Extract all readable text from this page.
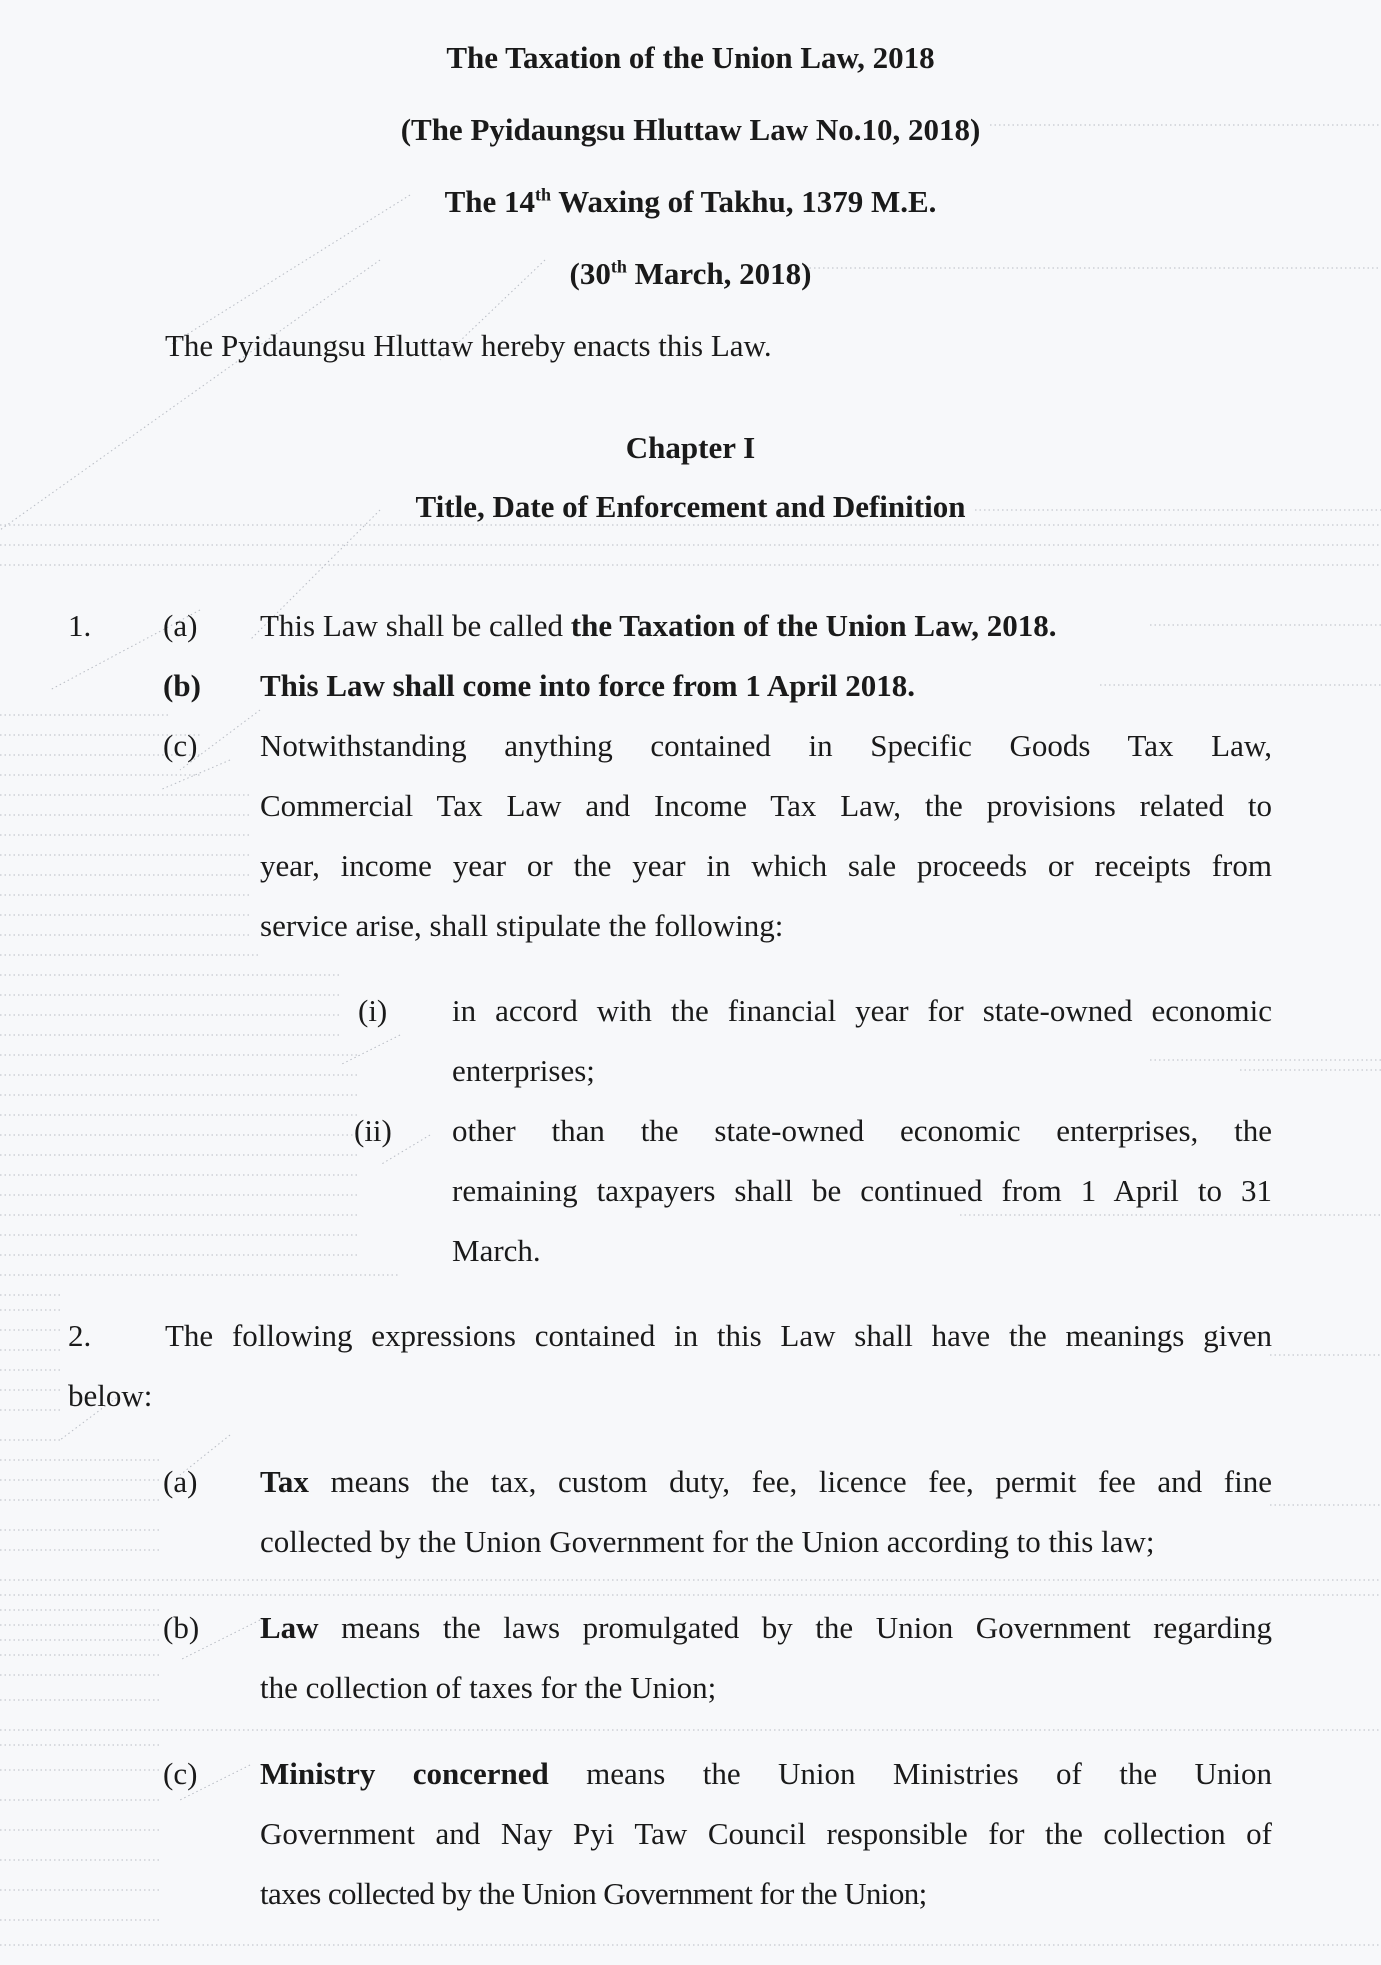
The Taxation of the Union Law, 2018
(The Pyidaungsu Hluttaw Law No.10, 2018)
The 14th Waxing of Takhu, 1379 M.E.
(30th March, 2018)
The Pyidaungsu Hluttaw hereby enacts this Law.
Chapter I
Title, Date of Enforcement and Definition
1. (a) This Law shall be called the Taxation of the Union Law, 2018.
(b) This Law shall come into force from 1 April 2018.
(c) Notwithstanding anything contained in Specific Goods Tax Law,
Commercial Tax Law and Income Tax Law, the provisions related to
year, income year or the year in which sale proceeds or receipts from
service arise, shall stipulate the following:
(i) in accord with the financial year for state-owned economic
enterprises;
(ii) other than the state-owned economic enterprises, the
remaining taxpayers shall be continued from 1 April to 31
March.
2. The following expressions contained in this Law shall have the meanings given
below:
(a) Tax means the tax, custom duty, fee, licence fee, permit fee and fine
collected by the Union Government for the Union according to this law;
(b) Law means the laws promulgated by the Union Government regarding
the collection of taxes for the Union;
(c) Ministry concerned means the Union Ministries of the Union
Government and Nay Pyi Taw Council responsible for the collection of
taxes collected by the Union Government for the Union;
